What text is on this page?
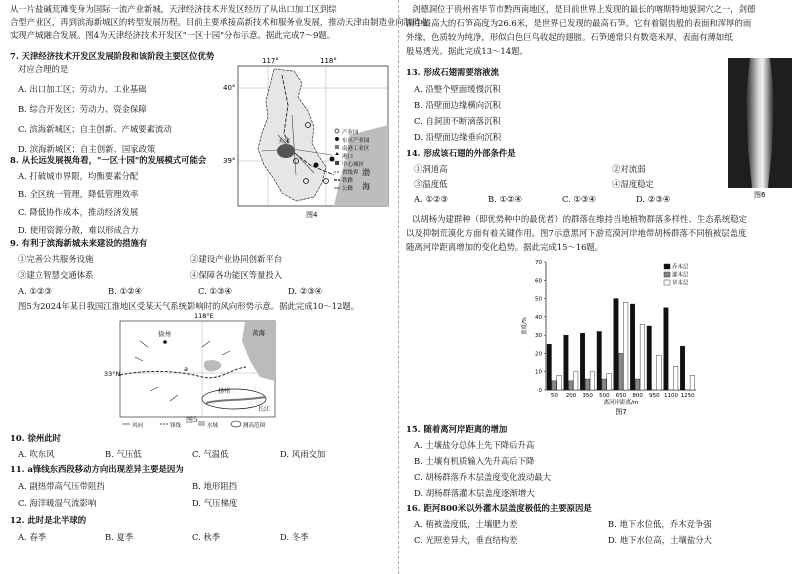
从一片盐碱荒滩变身为国际一流产业新城，天津经济技术开发区经历了从出口加工区到综
合型产业区，再到滨海新城区的转型发展历程。目前主要承接高新技术和服务业发展，推动天津由制造业向制造业
实现产城融合发展。图4为天津经济技术开发区"一区十园"分布示意。据此完成7～9题。
7. 天津经济技术开发区发展阶段和该阶段主要区位优势
对应合理的是
A. 出口加工区；劳动力、工业基础
B. 综合开发区；劳动力、资金保障
C. 滨海新城区；自主创新、产城要素流动
D. 滨海新城区；自主创新、国家政策
8. 从长远发展视角看，"一区十园"的发展模式可能会
A. 打破城市界限，均衡要素分配
B. 全区统一管理，降低管理效率
C. 降低协作成本，推动经济发展
D. 使用资源分散，难以形成合力
9. 有利于滨海新城未来建设的措施有
①完善公共服务设施	②建设产业协同创新平台
③建立智慧交通体系	④保障各功能区等量投入
A. ①②③	B. ①②④	C. ①③④	D. ②③④
图5为2024年某日我国江淮地区受某天气系统影响时的风向形势示意。据此完成10～12题。
117°	118°
40°
39°
渤
海
天津
产业园
东区产业园
南港工业区
港口
中心城区
省级界
铁路
公路
图4
118°E
黄海
33°N
徐州
a
扬州
长江
风向	锋线	水域	测高范围
图5
10. 徐州此时
A. 吹东风	B. 气压低	C. 气温低	D. 风雨交加
11. a锋线东西段移动方向出现差异主要是因为
A. 副热带高气压带阻挡	B. 地形阻挡
C. 海洋暖湿气流影响	D. 气压梯度
12. 此时是北半球的
A. 春季	B. 夏季	C. 秋季	D. 冬季
剑德洞位于贵州省毕节市黔西南地区，是目前世界上发现的最长的喀斯特地貌洞穴之一，剑德
洞中最高大的石笋高度为26.6米，是世界已发现的最高石笋。它有着锯齿般的表面和浑厚的雨
外缘，色质较为纯净，形似白色巨鸟收起的翅膀。石笋通常只有数毫米厚，表面有薄如纸
般易透光。据此完成13～14题。
13. 形成石翅需要溶液流
A. 沿整个壁面缓慢沉积
B. 沿壁面边缘横向沉积
C. 自洞顶不断滴落沉积
D. 沿壁面边缘垂向沉积
14. 形成该石翅的外部条件是
①洞道高	②对流弱
③温度低	④湿度稳定
A. ①②③	B. ①②④	C. ①③④	D. ②③④	图6
以胡杨为建群种（即优势种中的最优者）的群落在维持当地植物群落多样性、生态系统稳定
以及抑制荒漠化方面有着关键作用。图7示意黑河下游荒漠河岸地带胡杨群落不同植被层盖度
随离河岸距离增加的变化趋势。据此完成15～16题。
50 200 350 500 650 800 950 1100 1250
0
10
20
30
40
50
60
70
乔木层
灌木层
草本层
离河岸距离/m
盖度/%
图7
15. 随着离河岸距离的增加
A. 土壤盐分总体上先下降后升高
B. 土壤有机质输入先升高后下降
C. 胡杨群落乔木层盖度变化波动最大
D. 胡杨群落灌木层盖度逐渐增大
16. 距河800米以外灌木层盖度极低的主要原因是
A. 植被盖度低，土壤肥力差	B. 地下水位低，乔木竞争强
C. 光照差异大，垂直结构差	D. 地下水位高，土壤盐分大
